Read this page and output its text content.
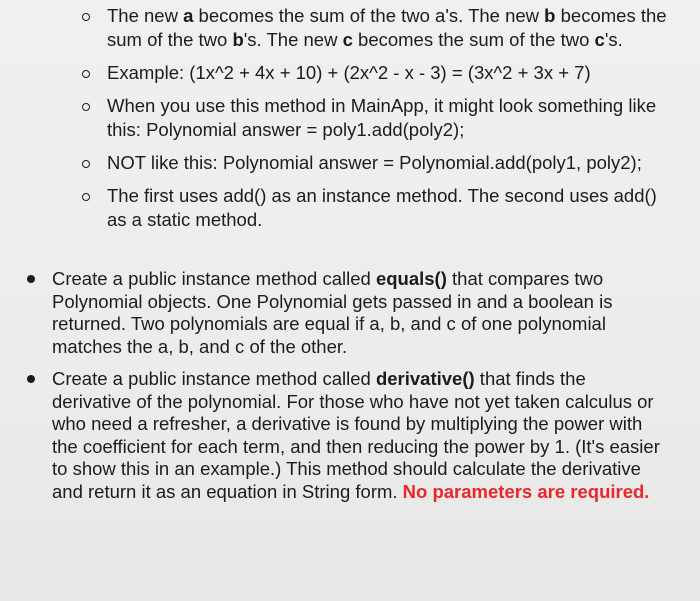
The new a becomes the sum of the two a's. The new b becomes the sum of the two b's. The new c becomes the sum of the two c's.
Example: (1x^2 + 4x + 10) + (2x^2 - x - 3) = (3x^2 + 3x + 7)
When you use this method in MainApp, it might look something like this: Polynomial answer = poly1.add(poly2);
NOT like this: Polynomial answer = Polynomial.add(poly1, poly2);
The first uses add() as an instance method. The second uses add() as a static method.
Create a public instance method called equals() that compares two Polynomial objects. One Polynomial gets passed in and a boolean is returned. Two polynomials are equal if a, b, and c of one polynomial matches the a, b, and c of the other.
Create a public instance method called derivative() that finds the derivative of the polynomial. For those who have not yet taken calculus or who need a refresher, a derivative is found by multiplying the power with the coefficient for each term, and then reducing the power by 1. (It's easier to show this in an example.) This method should calculate the derivative and return it as an equation in String form. No parameters are required.
